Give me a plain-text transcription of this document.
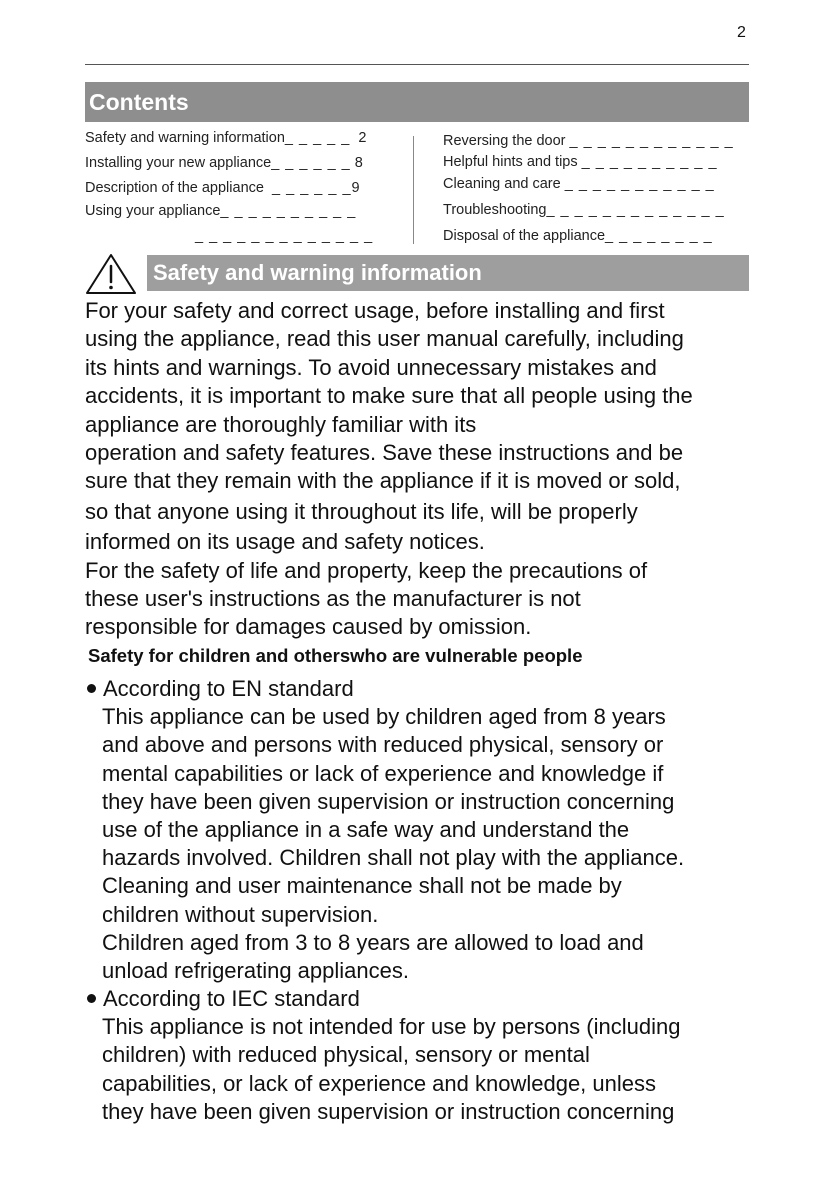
2
Contents
Safety and warning information_ _ _ _ _ 2
Installing your new appliance_ _ _ _ _ _ 8
Description of the appliance _ _ _ _ _ _9
Using your appliance_ _ _ _ _ _ _ _ _ _
_ _ _ _ _ _ _ _ _ _ _ _ _
Reversing the door _ _ _ _ _ _ _ _ _ _ _ _
Helpful hints and tips _ _ _ _ _ _ _ _ _ _
Cleaning and care _ _ _ _ _ _ _ _ _ _ _
Troubleshooting_ _ _ _ _ _ _ _ _ _ _ _ _
Disposal of the appliance_ _ _ _ _ _ _ _
Safety and warning information
For your safety and correct usage, before installing and first
using the appliance, read this user manual carefully, including
its hints and warnings. To avoid unnecessary mistakes and
accidents, it is important to make sure that all people using the
appliance are thoroughly familiar with its
operation and safety features. Save these instructions and be
sure that they remain with the appliance if it is moved or sold,
so that anyone using it throughout its life, will be properly
informed on its usage and safety notices.
For the safety of life and property, keep the precautions of
these user's instructions as the manufacturer is not
responsible for damages caused by omission.
Safety for children and otherswho are vulnerable people
According to EN standard
This appliance can be used by children aged from 8 years
and above and persons with reduced physical, sensory or
mental capabilities or lack of experience and knowledge if
they have been given supervision or instruction concerning
use of the appliance in a safe way and understand the
hazards involved. Children shall not play with the appliance.
Cleaning and user maintenance shall not be made by
children without supervision.
Children aged from 3 to 8 years are allowed to load and
unload refrigerating appliances.
According to IEC standard
This appliance is not intended for use by persons (including
children) with reduced physical, sensory or mental
capabilities, or lack of experience and knowledge, unless
they have been given supervision or instruction concerning
